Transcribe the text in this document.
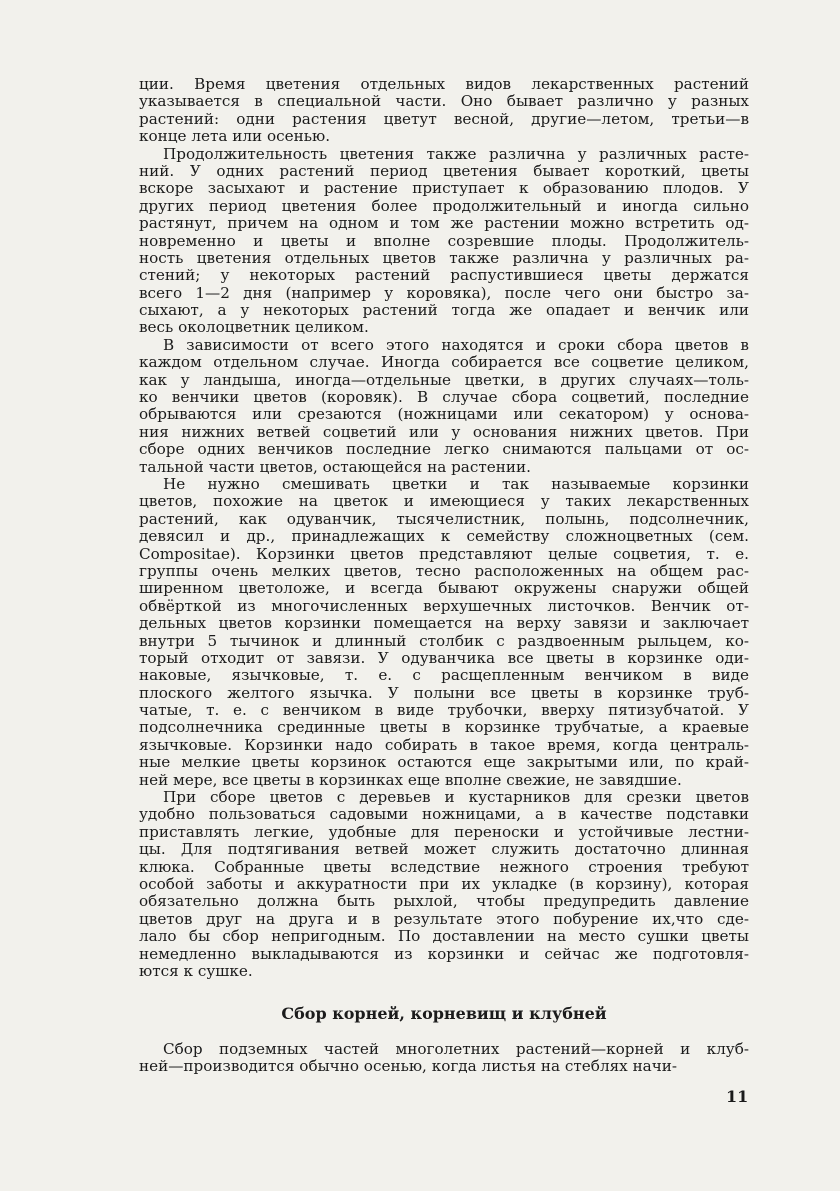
ции. Время цветения отдельных видов лекарственных растений
указывается в специальной части. Оно бывает различно у разных
растений: одни растения цветут весной, другие—летом, третьи—в
конце лета или осенью.
Продолжительность цветения также различна у различных расте-
ний. У одних растений период цветения бывает короткий, цветы
вскоре засыхают и растение приступает к образованию плодов. У
других период цветения более продолжительный и иногда сильно
растянут, причем на одном и том же растении можно встретить од-
новременно и цветы и вполне созревшие плоды. Продолжитель-
ность цветения отдельных цветов также различна у различных ра-
стений; у некоторых растений распустившиеся цветы держатся
всего 1—2 дня (например у коровяка), после чего они быстро за-
сыхают, а у некоторых растений тогда же опадает и венчик или
весь околоцветник целиком.
В зависимости от всего этого находятся и сроки сбора цветов в
каждом отдельном случае. Иногда собирается все соцветие целиком,
как у ландыша, иногда—отдельные цветки, в других случаях—толь-
ко венчики цветов (коровяк). В случае сбора соцветий, последние
обрываются или срезаются (ножницами или секатором) у основа-
ния нижних ветвей соцветий или у основания нижних цветов. При
сборе одних венчиков последние легко снимаются пальцами от ос-
тальной части цветов, остающейся на растении.
Не нужно смешивать цветки и так называемые корзинки
цветов, похожие на цветок и имеющиеся у таких лекарственных
растений, как одуванчик, тысячелистник, полынь, подсолнечник,
девясил и др., принадлежащих к семейству сложноцветных (сем.
Compositae). Корзинки цветов представляют целые соцветия, т. е.
группы очень мелких цветов, тесно расположенных на общем рас-
ширенном цветоложе, и всегда бывают окружены снаружи общей
обвёрткой из многочисленных верхушечных листочков. Венчик от-
дельных цветов корзинки помещается на верху завязи и заключает
внутри 5 тычинок и длинный столбик с раздвоенным рыльцем, ко-
торый отходит от завязи. У одуванчика все цветы в корзинке оди-
наковые, язычковые, т. е. с расщепленным венчиком в виде
плоского желтого язычка. У полыни все цветы в корзинке труб-
чатые, т. е. с венчиком в виде трубочки, вверху пятизубчатой. У
подсолнечника срединные цветы в корзинке трубчатые, а краевые
язычковые. Корзинки надо собирать в такое время, когда централь-
ные мелкие цветы корзинок остаются еще закрытыми или, по край-
ней мере, все цветы в корзинках еще вполне свежие, не завядшие.
При сборе цветов с деревьев и кустарников для срезки цветов
удобно пользоваться садовыми ножницами, а в качестве подставки
приставлять легкие, удобные для переноски и устойчивые лестни-
цы. Для подтягивания ветвей может служить достаточно длинная
клюка. Собранные цветы вследствие нежного строения требуют
особой заботы и аккуратности при их укладке (в корзину), которая
обязательно должна быть рыхлой, чтобы предупредить давление
цветов друг на друга и в результате этого побурение их,что сде-
лало бы сбор непригодным. По доставлении на место сушки цветы
немедленно выкладываются из корзинки и сейчас же подготовля-
ются к сушке.
Сбор корней, корневищ и клубней
Сбор подземных частей многолетних растений—корней и клуб-
ней—производится обычно осенью, когда листья на стеблях начи-
11
